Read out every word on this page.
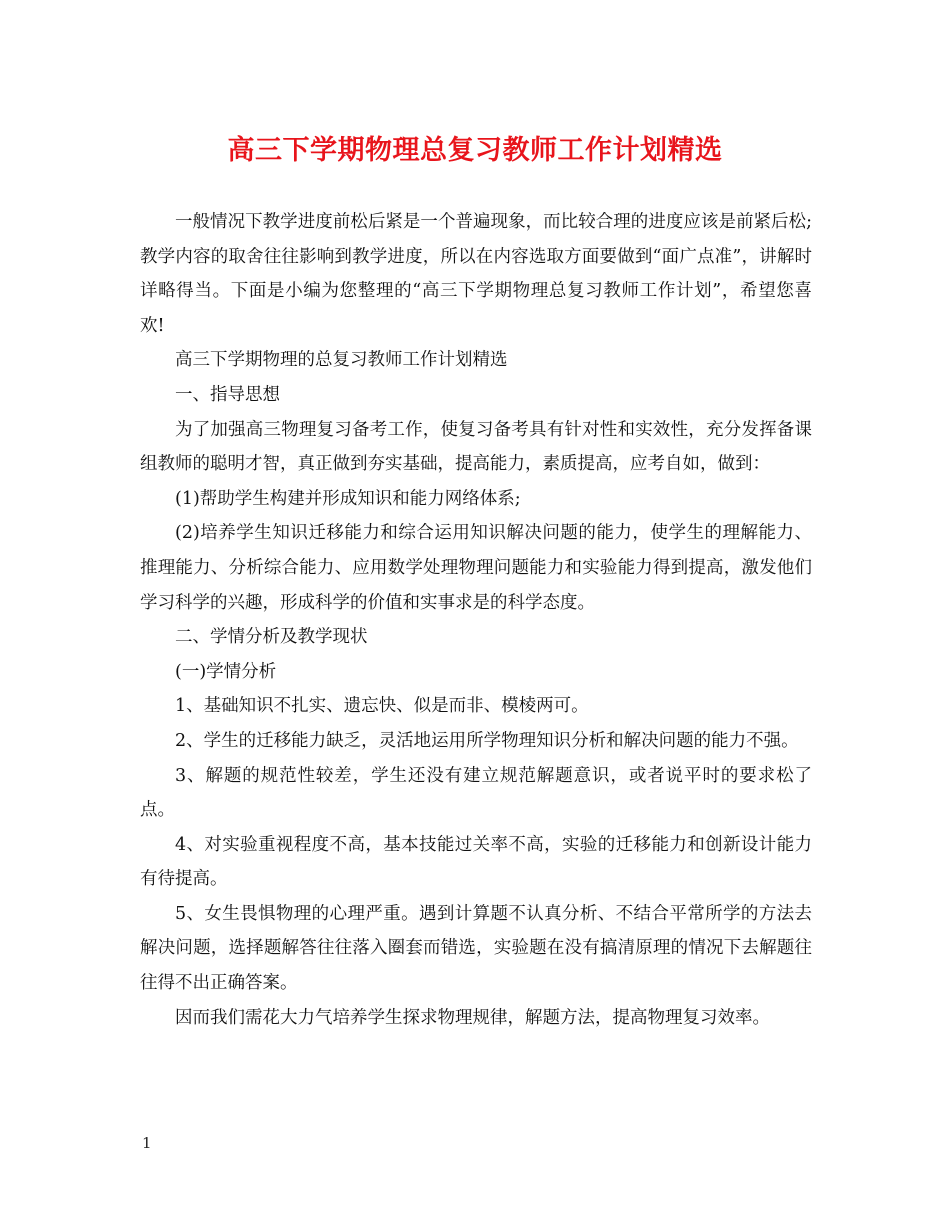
高三下学期物理总复习教师工作计划精选

一般情况下教学进度前松后紧是一个普遍现象，而比较合理的进度应该是前紧后松;教学内容的取舍往往影响到教学进度，所以在内容选取方面要做到“面广点准”，讲解时详略得当。下面是小编为您整理的“高三下学期物理总复习教师工作计划”，希望您喜欢!

高三下学期物理的总复习教师工作计划精选

一、指导思想

为了加强高三物理复习备考工作，使复习备考具有针对性和实效性，充分发挥备课组教师的聪明才智，真正做到夯实基础，提高能力，素质提高，应考自如，做到：

(1)帮助学生构建并形成知识和能力网络体系;

(2)培养学生知识迁移能力和综合运用知识解决问题的能力，使学生的理解能力、推理能力、分析综合能力、应用数学处理物理问题能力和实验能力得到提高，激发他们学习科学的兴趣，形成科学的价值和实事求是的科学态度。

二、学情分析及教学现状

(一)学情分析

1、基础知识不扎实、遗忘快、似是而非、模棱两可。

2、学生的迁移能力缺乏，灵活地运用所学物理知识分析和解决问题的能力不强。

3、解题的规范性较差，学生还没有建立规范解题意识，或者说平时的要求松了点。

4、对实验重视程度不高，基本技能过关率不高，实验的迁移能力和创新设计能力有待提高。

5、女生畏惧物理的心理严重。遇到计算题不认真分析、不结合平常所学的方法去解决问题，选择题解答往往落入圈套而错选，实验题在没有搞清原理的情况下去解题往往得不出正确答案。

因而我们需花大力气培养学生探求物理规律，解题方法，提高物理复习效率。

1
